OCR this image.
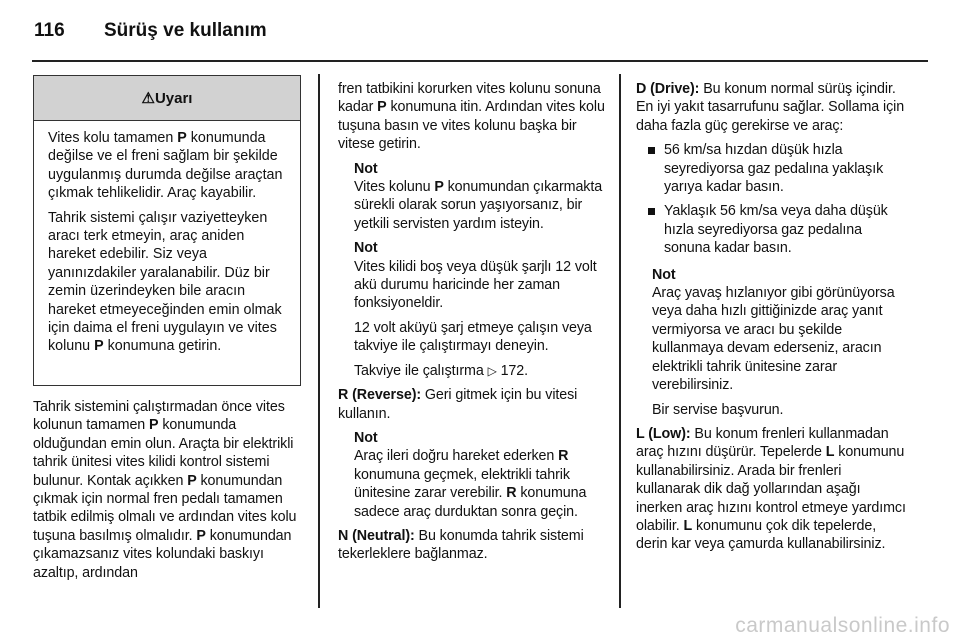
116 Sürüş ve kullanım
⚠ Uyarı

Vites kolu tamamen P konumunda değilse ve el freni sağlam bir şekilde uygulanmış durumda değilse araçtan çıkmak tehlikelidir. Araç kayabilir.

Tahrik sistemi çalışır vaziyetteyken aracı terk etmeyin, araç aniden hareket edebilir. Siz veya yanınızdakiler yaralanabilir. Düz bir zemin üzerindeyken bile aracın hareket etmeyeceğinden emin olmak için daima el freni uygulayın ve vites kolunu P konumuna getirin.

Tahrik sistemini çalıştırmadan önce vites kolunun tamamen P konumunda olduğundan emin olun. Araçta bir elektrikli tahrik ünitesi vites kilidi kontrol sistemi bulunur. Kontak açıkken P konumundan çıkmak için normal fren pedalı tamamen tatbik edilmiş olmalı ve ardından vites kolu tuşuna basılmış olmalıdır. P konumundan çıkamazsanız vites kolundaki baskıyı azaltıp, ardından

fren tatbikini korurken vites kolunu sonuna kadar P konumuna itin. Ardından vites kolu tuşuna basın ve vites kolunu başka bir vitese getirin.

Not

Vites kolunu P konumundan çıkarmakta sürekli olarak sorun yaşıyorsanız, bir yetkili servisten yardım isteyin.

Not

Vites kilidi boş veya düşük şarjlı 12 volt akü durumu haricinde her zaman fonksiyoneldir.

12 volt aküyü şarj etmeye çalışın veya takviye ile çalıştırmayı deneyin.

Takviye ile çalıştırma ▷ 172.

R (Reverse): Geri gitmek için bu vitesi kullanın.

Not

Araç ileri doğru hareket ederken R konumuna geçmek, elektrikli tahrik ünitesine zarar verebilir. R konumuna sadece araç durduktan sonra geçin.

N (Neutral): Bu konumda tahrik sistemi tekerleklere bağlanmaz.

D (Drive): Bu konum normal sürüş içindir. En iyi yakıt tasarrufunu sağlar. Sollama için daha fazla güç gerekirse ve araç:

56 km/sa hızdan düşük hızla seyrediyorsa gaz pedalına yaklaşık yarıya kadar basın.
Yaklaşık 56 km/sa veya daha düşük hızla seyrediyorsa gaz pedalına sonuna kadar basın.
Not

Araç yavaş hızlanıyor gibi görünüyorsa veya daha hızlı gittiğinizde araç yanıt vermiyorsa ve aracı bu şekilde kullanmaya devam ederseniz, aracın elektrikli tahrik ünitesine zarar verebilirsiniz.

Bir servise başvurun.

L (Low): Bu konum frenleri kullanmadan araç hızını düşürür. Tepelerde L konumunu kullanabilirsiniz. Arada bir frenleri kullanarak dik dağ yollarından aşağı inerken araç hızını kontrol etmeye yardımcı olabilir. L konumunu çok dik tepelerde, derin kar veya çamurda kullanabilirsiniz.

carmanualsonline.info
